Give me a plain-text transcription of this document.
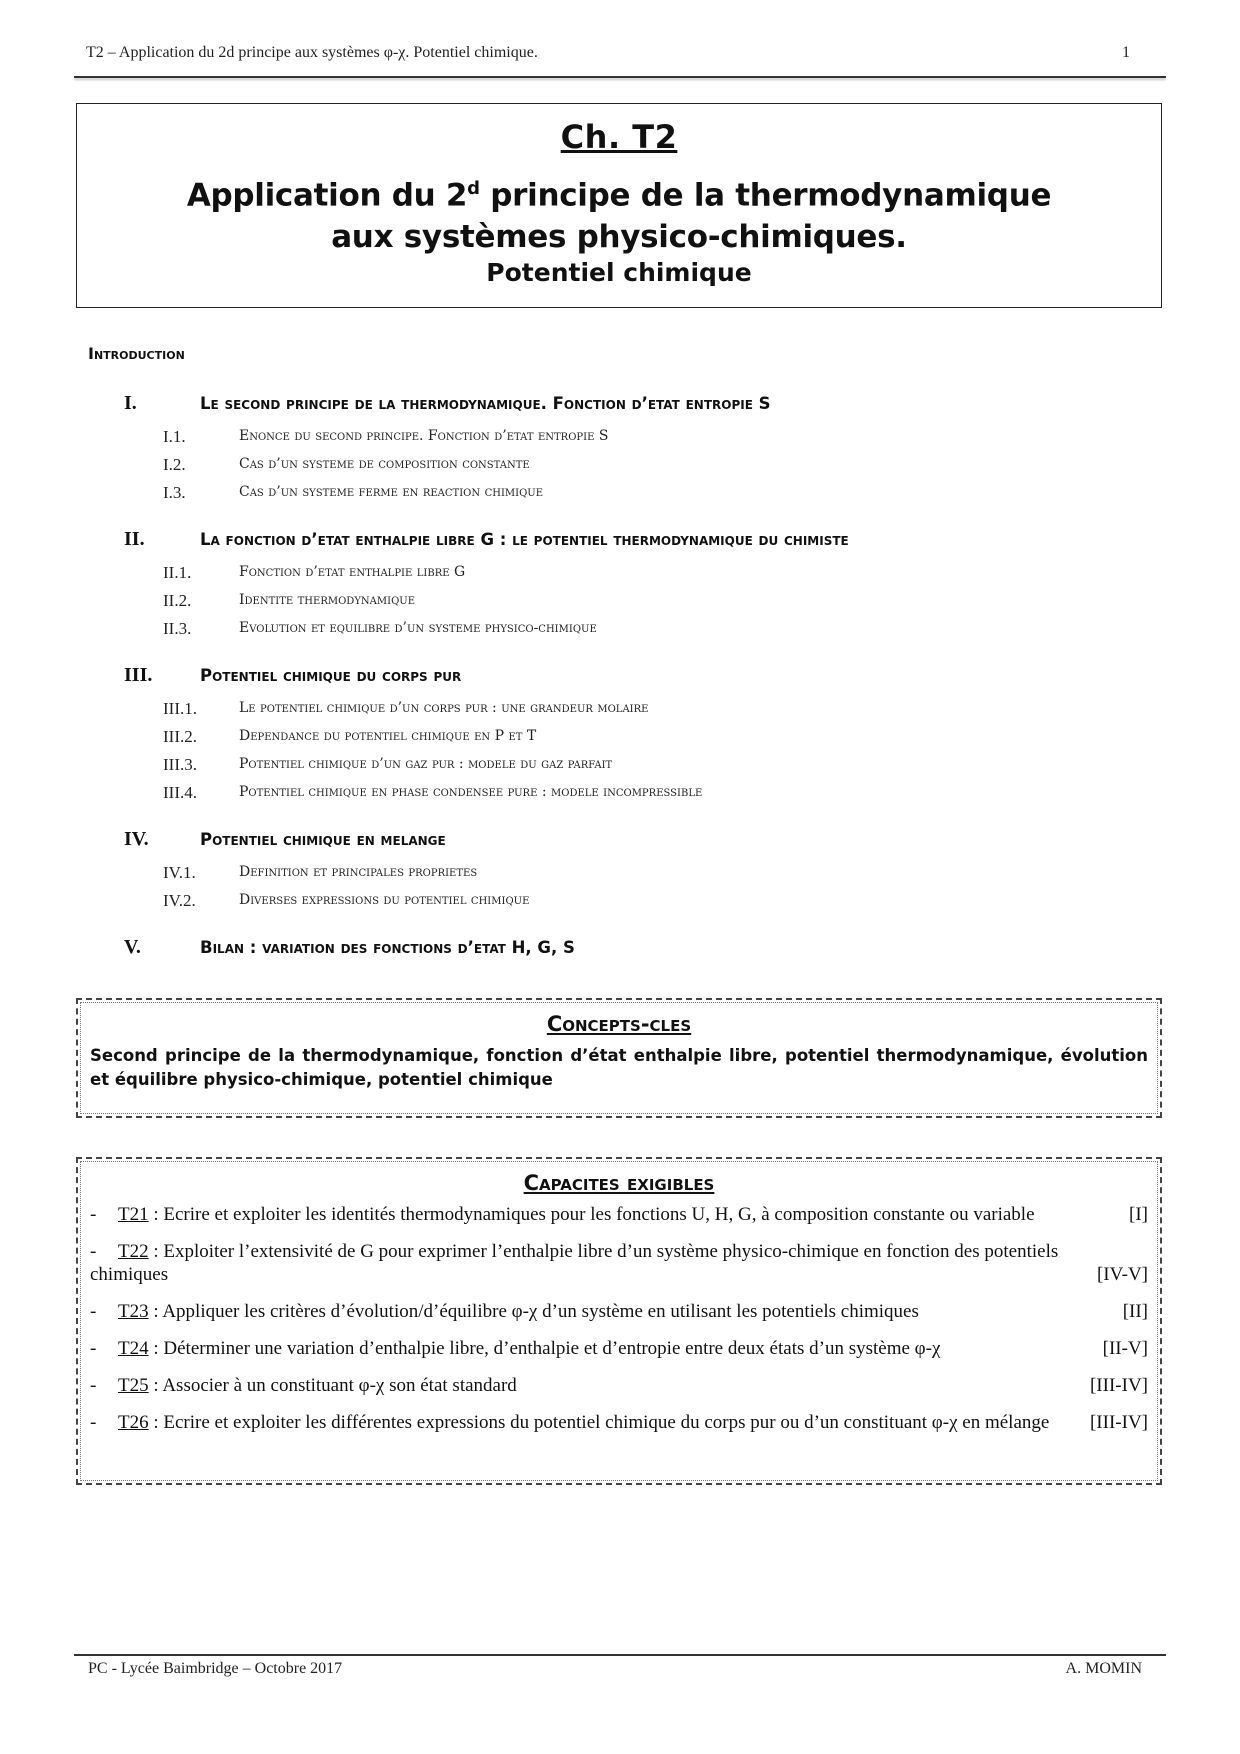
T2 – Application du 2d principe aux systèmes φ-χ. Potentiel chimique.	1
Ch. T2
Application du 2$^d$ principe de la thermodynamique
aux systèmes physico-chimiques.
Potentiel chimique
Introduction
I.	Le second principe de la thermodynamique. Fonction d’etat entropie S
I.1.	Enonce du second principe. Fonction d’etat entropie S
I.2.	Cas d’un systeme de composition constante
I.3.	Cas d’un systeme ferme en reaction chimique
II.	La fonction d’etat enthalpie libre G : le potentiel thermodynamique du chimiste
II.1.	Fonction d’etat enthalpie libre G
II.2.	Identite thermodynamique
II.3.	Evolution et equilibre d’un systeme physico-chimique
III.	Potentiel chimique du corps pur
III.1.	Le potentiel chimique d’un corps pur : une grandeur molaire
III.2.	Dependance du potentiel chimique en P et T
III.3.	Potentiel chimique d’un gaz pur : modele du gaz parfait
III.4.	Potentiel chimique en phase condensee pure : modele incompressible
IV.	Potentiel chimique en melange
IV.1.	Definition et principales proprietes
IV.2.	Diverses expressions du potentiel chimique
V.	Bilan : variation des fonctions d’etat H, G, S
Concepts-cles
Second principe de la thermodynamique, fonction d’état enthalpie libre, potentiel thermodynamique, évolution et équilibre physico-chimique, potentiel chimique
Capacites exigibles
- T21 : Ecrire et exploiter les identités thermodynamiques pour les fonctions U, H, G, à composition constante ou variable	[I]
- T22 : Exploiter l’extensivité de G pour exprimer l’enthalpie libre d’un système physico-chimique en fonction des potentiels chimiques	[IV-V]
- T23 : Appliquer les critères d’évolution/d’équilibre φ-χ d’un système en utilisant les potentiels chimiques	[II]
- T24 : Déterminer une variation d’enthalpie libre, d’enthalpie et d’entropie entre deux états d’un système φ-χ	[II-V]
- T25 : Associer à un constituant φ-χ son état standard	[III-IV]
- T26 : Ecrire et exploiter les différentes expressions du potentiel chimique du corps pur ou d’un constituant φ-χ en mélange [III-IV]
PC - Lycée Baimbridge – Octobre 2017	A. MOMIN
